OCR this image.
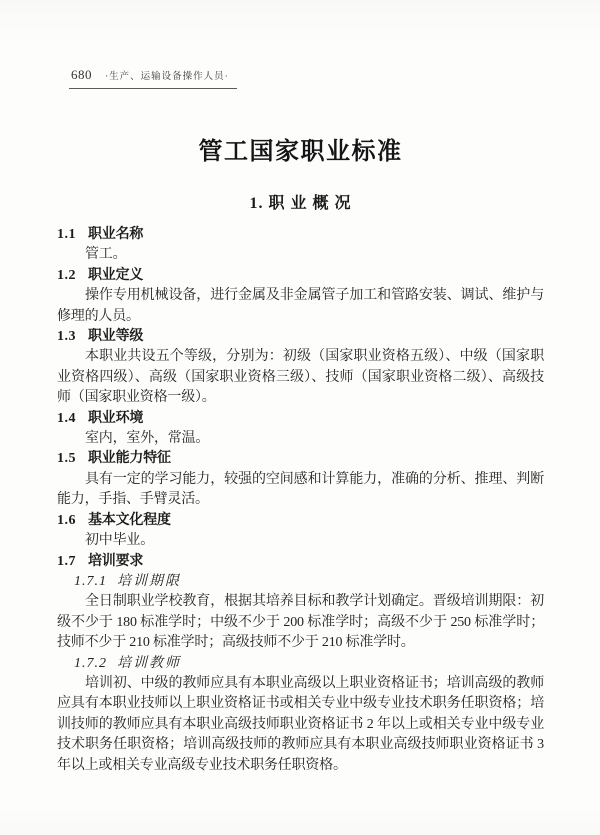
680 ·生产、运输设备操作人员·
管工国家职业标准
1. 职 业 概 况
1.1 职业名称

管工。

1.2 职业定义

操作专用机械设备，进行金属及非金属管子加工和管路安装、调试、维护与修理的人员。

1.3 职业等级

本职业共设五个等级，分别为：初级（国家职业资格五级）、中级（国家职业资格四级）、高级（国家职业资格三级）、技师（国家职业资格二级）、高级技师（国家职业资格一级）。

1.4 职业环境

室内，室外，常温。

1.5 职业能力特征

具有一定的学习能力，较强的空间感和计算能力，准确的分析、推理、判断能力，手指、手臂灵活。

1.6 基本文化程度

初中毕业。

1.7 培训要求
1.7.1 培训期限

全日制职业学校教育，根据其培养目标和教学计划确定。晋级培训期限：初级不少于 180 标准学时；中级不少于 200 标准学时；高级不少于 250 标准学时；技师不少于 210 标准学时；高级技师不少于 210 标准学时。

1.7.2 培训教师

培训初、中级的教师应具有本职业高级以上职业资格证书；培训高级的教师应具有本职业技师以上职业资格证书或相关专业中级专业技术职务任职资格；培训技师的教师应具有本职业高级技师职业资格证书 2 年以上或相关专业中级专业技术职务任职资格；培训高级技师的教师应具有本职业高级技师职业资格证书 3 年以上或相关专业高级专业技术职务任职资格。
